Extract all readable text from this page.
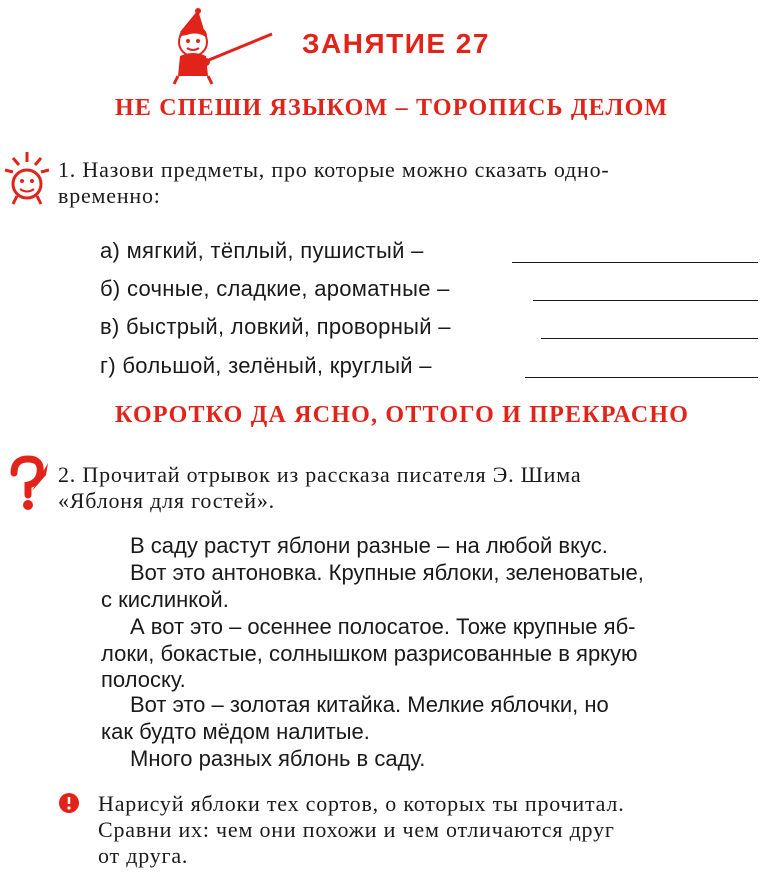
ЗАНЯТИЕ 27
НЕ СПЕШИ ЯЗЫКОМ – ТОРОПИСЬ ДЕЛОМ
1. Назови предметы, про которые можно сказать одно-
временно:
а) мягкий, тёплый, пушистый –
б) сочные, сладкие, ароматные –
в) быстрый, ловкий, проворный –
г) большой, зелёный, круглый –
КОРОТКО ДА ЯСНО, ОТТОГО И ПРЕКРАСНО
2. Прочитай отрывок из рассказа писателя Э. Шима
«Яблоня для гостей».
В саду растут яблони разные – на любой вкус.
Вот это антоновка. Крупные яблоки, зеленоватые,
с кислинкой.
А вот это – осеннее полосатое. Тоже крупные яб-
локи, бокастые, солнышком разрисованные в яркую
полоску.
Вот это – золотая китайка. Мелкие яблочки, но
как будто мёдом налитые.
Много разных яблонь в саду.
Нарисуй яблоки тех сортов, о которых ты прочитал.
Сравни их: чем они похожи и чем отличаются друг
от друга.
